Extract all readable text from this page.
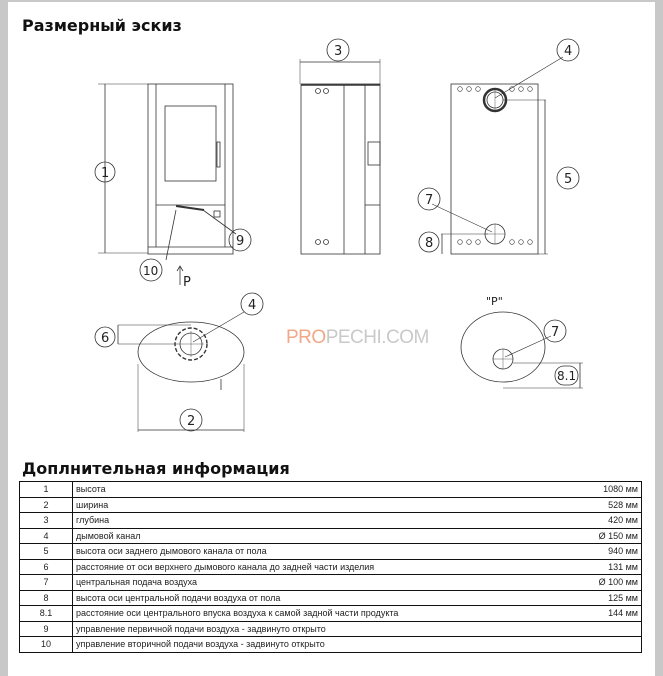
Размерный эскиз
1
9
10
P
3	4
5
7
8
6
4
2
"P"
7
8.1
PROPECHI.COM
Доплнительная информация
1	высота	1080 мм
2	ширина	528 мм
3	глубина	420 мм
4	дымовой канал	Ø 150 мм
5	высота оси заднего дымового канала от пола	940 мм
6	расстояние от оси верхнего дымового канала до задней части изделия	131 мм
7	центральная подача воздуха	Ø 100 мм
8	высота оси центральной подачи воздуха от пола	125 мм
8.1	расстояние оси центрального впуска воздуха к самой задной части продукта	144 мм
9	управление первичной подачи воздуха - задвинуто открыто	
10	управление вторичной подачи воздуха - задвинуто открыто	
